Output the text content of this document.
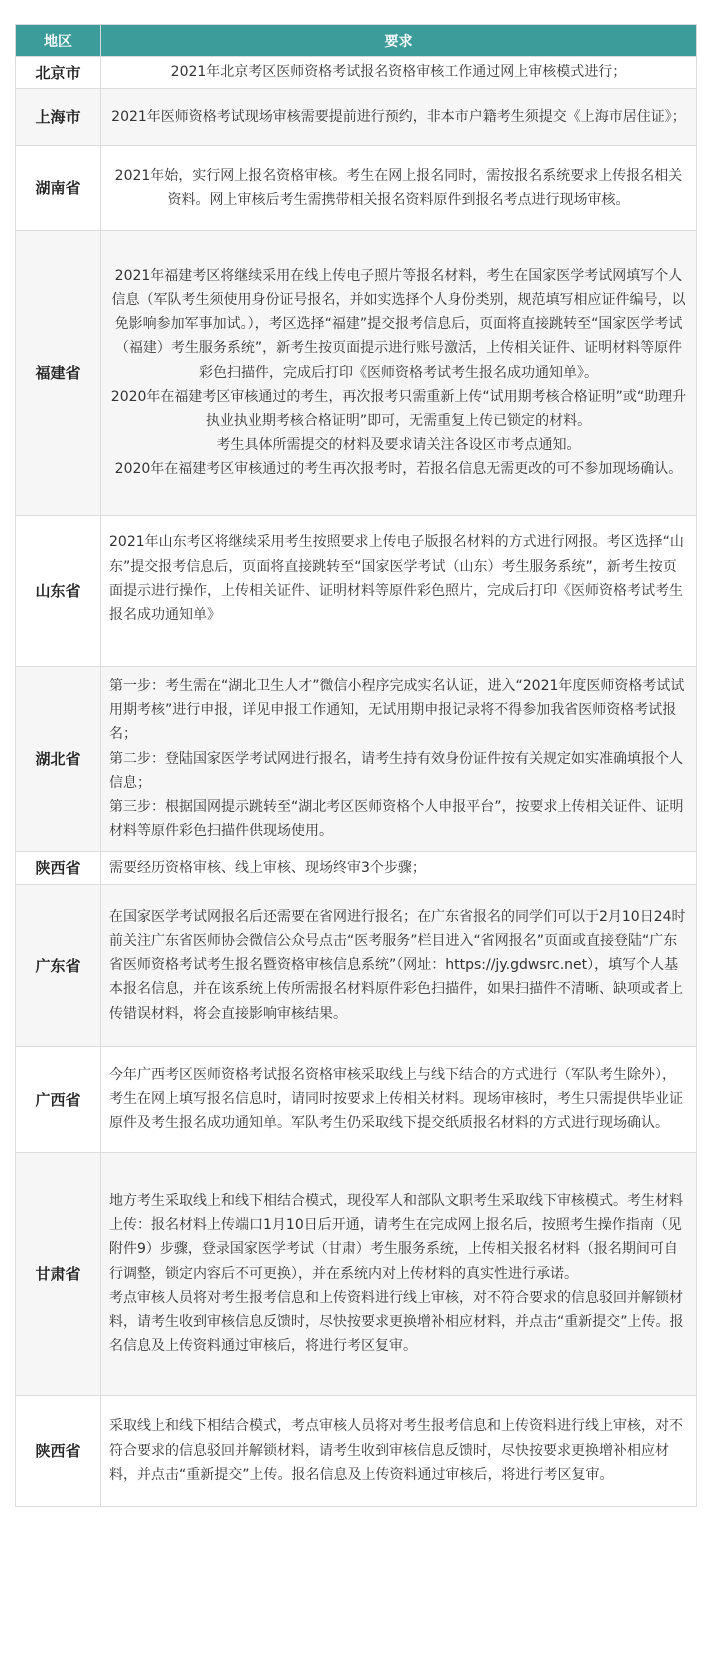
地区	要求
北京市	2021年北京考区医师资格考试报名资格审核工作通过网上审核模式进行；

上海市	2021年医师资格考试现场审核需要提前进行预约，非本市户籍考生须提交《上海市居住证》；

湖南省	2021年始，实行网上报名资格审核。考生在网上报名同时，需按报名系统要求上传报名相关资料。网上审核后考生需携带相关报名资料原件到报名考点进行现场审核。

福建省	2021年福建考区将继续采用在线上传电子照片等报名材料，考生在国家医学考试网填写个人信息（军队考生须使用身份证号报名，并如实选择个人身份类别，规范填写相应证件编号，以免影响参加军事加试。），考区选择“福建”提交报考信息后，页面将直接跳转至“国家医学考试（福建）考生服务系统”，新考生按页面提示进行账号激活，上传相关证件、证明材料等原件彩色扫描件，完成后打印《医师资格考试考生报名成功通知单》。
2020年在福建考区审核通过的考生，再次报考只需重新上传“试用期考核合格证明”或“助理升执业执业期考核合格证明”即可，无需重复上传已锁定的材料。
考生具体所需提交的材料及要求请关注各设区市考点通知。
2020年在福建考区审核通过的考生再次报考时，若报名信息无需更改的可不参加现场确认。

山东省	2021年山东考区将继续采用考生按照要求上传电子版报名材料的方式进行网报。考区选择“山东”提交报考信息后，页面将直接跳转至“国家医学考试（山东）考生服务系统”，新考生按页面提示进行操作，上传相关证件、证明材料等原件彩色照片，完成后打印《医师资格考试考生报名成功通知单》

湖北省	第一步：考生需在“湖北卫生人才”微信小程序完成实名认证，进入“2021年度医师资格考试试用期考核”进行申报，详见申报工作通知，无试用期申报记录将不得参加我省医师资格考试报名；
第二步：登陆国家医学考试网进行报名，请考生持有效身份证件按有关规定如实准确填报个人信息；
第三步：根据国网提示跳转至“湖北考区医师资格个人申报平台”，按要求上传相关证件、证明材料等原件彩色扫描件供现场使用。

陕西省	需要经历资格审核、线上审核、现场终审3个步骤；

广东省	在国家医学考试网报名后还需要在省网进行报名；在广东省报名的同学们可以于2月10日24时前关注广东省医师协会微信公众号点击“医考服务”栏目进入“省网报名”页面或直接登陆“广东省医师资格考试考生报名暨资格审核信息系统”（网址：https://jy.gdwsrc.net），填写个人基本报名信息，并在该系统上传所需报名材料原件彩色扫描件，如果扫描件不清晰、缺项或者上传错误材料，将会直接影响审核结果。

广西省	今年广西考区医师资格考试报名资格审核采取线上与线下结合的方式进行（军队考生除外），考生在网上填写报名信息时，请同时按要求上传相关材料。现场审核时，考生只需提供毕业证原件及考生报名成功通知单。军队考生仍采取线下提交纸质报名材料的方式进行现场确认。

甘肃省	地方考生采取线上和线下相结合模式，现役军人和部队文职考生采取线下审核模式。考生材料上传：报名材料上传端口1月10日后开通，请考生在完成网上报名后，按照考生操作指南（见附件9）步骤，登录国家医学考试（甘肃）考生服务系统，上传相关报名材料（报名期间可自行调整，锁定内容后不可更换），并在系统内对上传材料的真实性进行承诺。
考点审核人员将对考生报考信息和上传资料进行线上审核，对不符合要求的信息驳回并解锁材料，请考生收到审核信息反馈时，尽快按要求更换增补相应材料，并点击“重新提交”上传。报名信息及上传资料通过审核后，将进行考区复审。

陕西省	采取线上和线下相结合模式，考点审核人员将对考生报考信息和上传资料进行线上审核，对不符合要求的信息驳回并解锁材料，请考生收到审核信息反馈时，尽快按要求更换增补相应材料，并点击“重新提交”上传。报名信息及上传资料通过审核后，将进行考区复审。
